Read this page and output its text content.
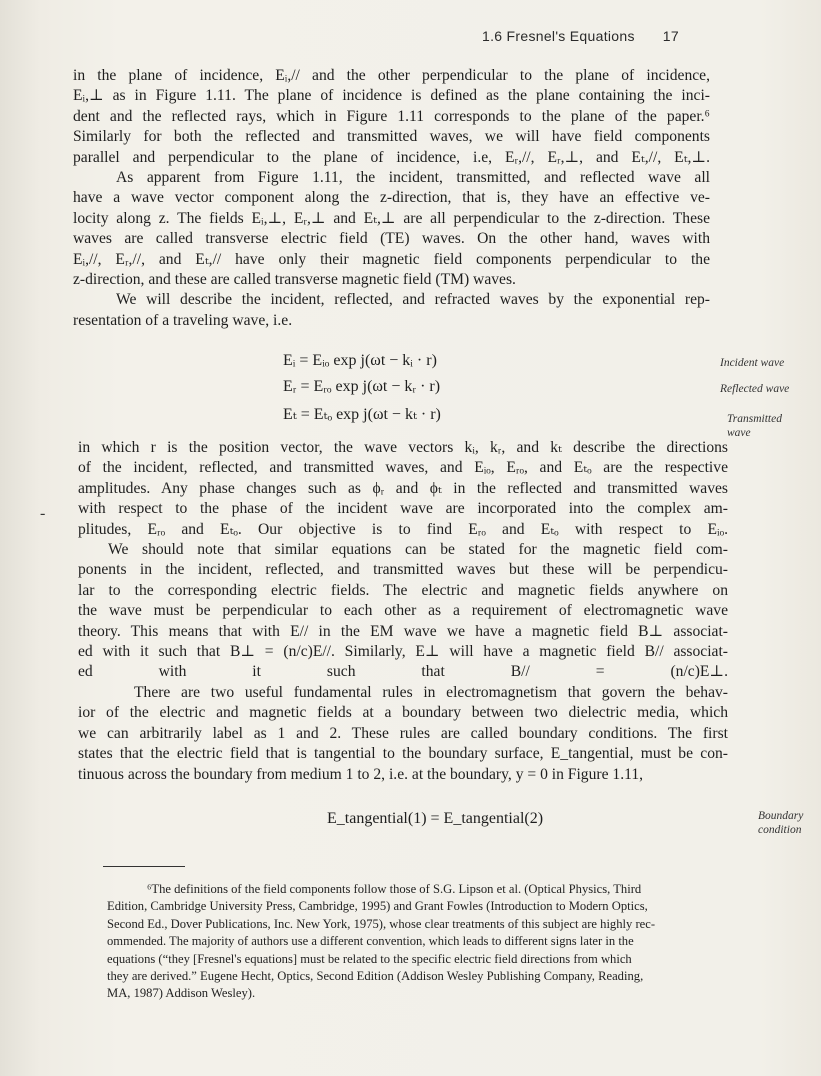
1.6 Fresnel's Equations 17
-
in the plane of incidence, Eᵢ,// and the other perpendicular to the plane of incidence,
Eᵢ,⊥ as in Figure 1.11. The plane of incidence is defined as the plane containing the inci-
dent and the reflected rays, which in Figure 1.11 corresponds to the plane of the paper.⁶
Similarly for both the reflected and transmitted waves, we will have field components
parallel and perpendicular to the plane of incidence, i.e, Eᵣ,//, Eᵣ,⊥, and Eₜ,//, Eₜ,⊥.
As apparent from Figure 1.11, the incident, transmitted, and reflected wave all
have a wave vector component along the z-direction, that is, they have an effective ve-
locity along z. The fields Eᵢ,⊥, Eᵣ,⊥ and Eₜ,⊥ are all perpendicular to the z-direction. These
waves are called transverse electric field (TE) waves. On the other hand, waves with
Eᵢ,//, Eᵣ,//, and Eₜ,// have only their magnetic field components perpendicular to the
z-direction, and these are called transverse magnetic field (TM) waves.
We will describe the incident, reflected, and refracted waves by the exponential rep-
resentation of a traveling wave, i.e.
Eᵢ = Eᵢₒ exp j(ωt − kᵢ · r)
Eᵣ = Eᵣₒ exp j(ωt − kᵣ · r)
Eₜ = Eₜₒ exp j(ωt − kₜ · r)
Incident wave
Reflected wave
Transmitted wave
in which r is the position vector, the wave vectors kᵢ, kᵣ, and kₜ describe the directions
of the incident, reflected, and transmitted waves, and Eᵢₒ, Eᵣₒ, and Eₜₒ are the respective
amplitudes. Any phase changes such as ϕᵣ and ϕₜ in the reflected and transmitted waves
with respect to the phase of the incident wave are incorporated into the complex am-
plitudes, Eᵣₒ and Eₜₒ. Our objective is to find Eᵣₒ and Eₜₒ with respect to Eᵢₒ.
We should note that similar equations can be stated for the magnetic field com-
ponents in the incident, reflected, and transmitted waves but these will be perpendicu-
lar to the corresponding electric fields. The electric and magnetic fields anywhere on
the wave must be perpendicular to each other as a requirement of electromagnetic wave
theory. This means that with E// in the EM wave we have a magnetic field B⊥ associat-
ed with it such that B⊥ = (n/c)E//. Similarly, E⊥ will have a magnetic field B// associat-
ed with it such that B// = (n/c)E⊥.
There are two useful fundamental rules in electromagnetism that govern the behav-
ior of the electric and magnetic fields at a boundary between two dielectric media, which
we can arbitrarily label as 1 and 2. These rules are called boundary conditions. The first
states that the electric field that is tangential to the boundary surface, E_tangential, must be con-
tinuous across the boundary from medium 1 to 2, i.e. at the boundary, y = 0 in Figure 1.11,
E_tangential(1) = E_tangential(2)	Boundary condition
⁶The definitions of the field components follow those of S.G. Lipson et al. (Optical Physics, Third
Edition, Cambridge University Press, Cambridge, 1995) and Grant Fowles (Introduction to Modern Optics,
Second Ed., Dover Publications, Inc. New York, 1975), whose clear treatments of this subject are highly rec-
ommended. The majority of authors use a different convention, which leads to different signs later in the
equations (“they [Fresnel's equations] must be related to the specific electric field directions from which
they are derived.” Eugene Hecht, Optics, Second Edition (Addison Wesley Publishing Company, Reading,
MA, 1987) Addison Wesley).
